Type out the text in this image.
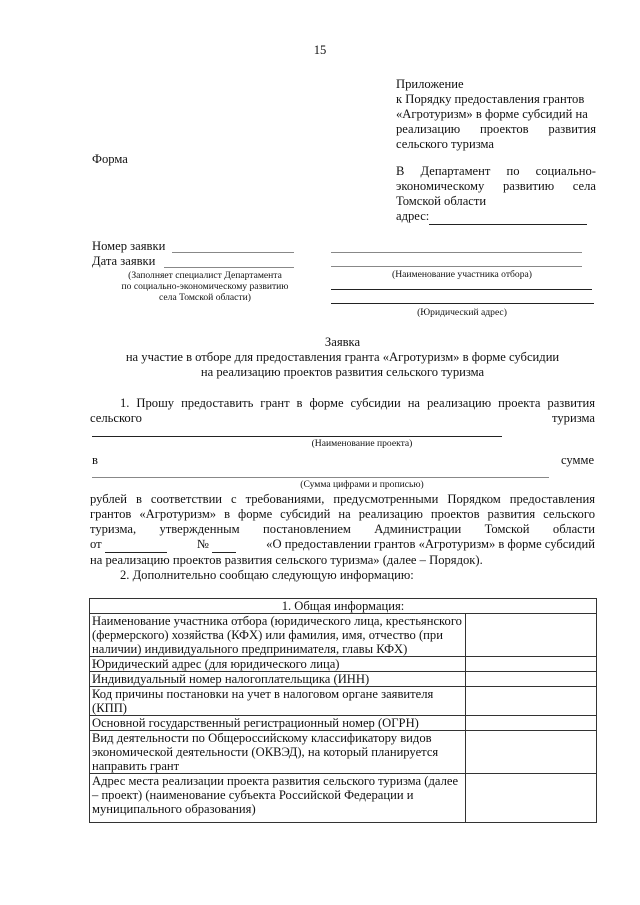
15
Приложение
к Порядку предоставления грантов
«Агротуризм» в форме субсидий на
реализацию проектов развития
сельского туризма
Форма
В Департамент по социально-
экономическому развитию села
Томской области
адрес:
Номер заявки
Дата заявки
(Заполняет специалист Департамента
по социально-экономическому развитию
села Томской области)
(Наименование участника отбора)
(Юридический адрес)
Заявка
на участие в отборе для предоставления гранта «Агротуризм» в форме субсидии
на реализацию проектов развития сельского туризма
1. Прошу предоставить грант в форме субсидии на реализацию проекта развития
сельского	туризма
(Наименование проекта)
в	сумме
(Сумма цифрами и прописью)
рублей в соответствии с требованиями, предусмотренными Порядком предоставления
грантов «Агротуризм» в форме субсидий на реализацию проектов развития сельского
туризма, утвержденным постановлением Администрации Томской области
от	№	«О предоставлении грантов «Агротуризм» в форме субсидий
на реализацию проектов развития сельского туризма» (далее – Порядок).
2. Дополнительно сообщаю следующую информацию:
1. Общая информация:	
Наименование участника отбора (юридического лица, крестьянского (фермерского) хозяйства (КФХ) или фамилия, имя, отчество (при наличии) индивидуального предпринимателя, главы КФХ)	
Юридический адрес (для юридического лица)	
Индивидуальный номер налогоплательщика (ИНН)	
Код причины постановки на учет в налоговом органе заявителя (КПП)	
Основной государственный регистрационный номер (ОГРН)	
Вид деятельности по Общероссийскому классификатору видов экономической деятельности (ОКВЭД), на который планируется направить грант	
Адрес места реализации проекта развития сельского туризма (далее – проект) (наименование субъекта Российской Федерации и муниципального образования)	
